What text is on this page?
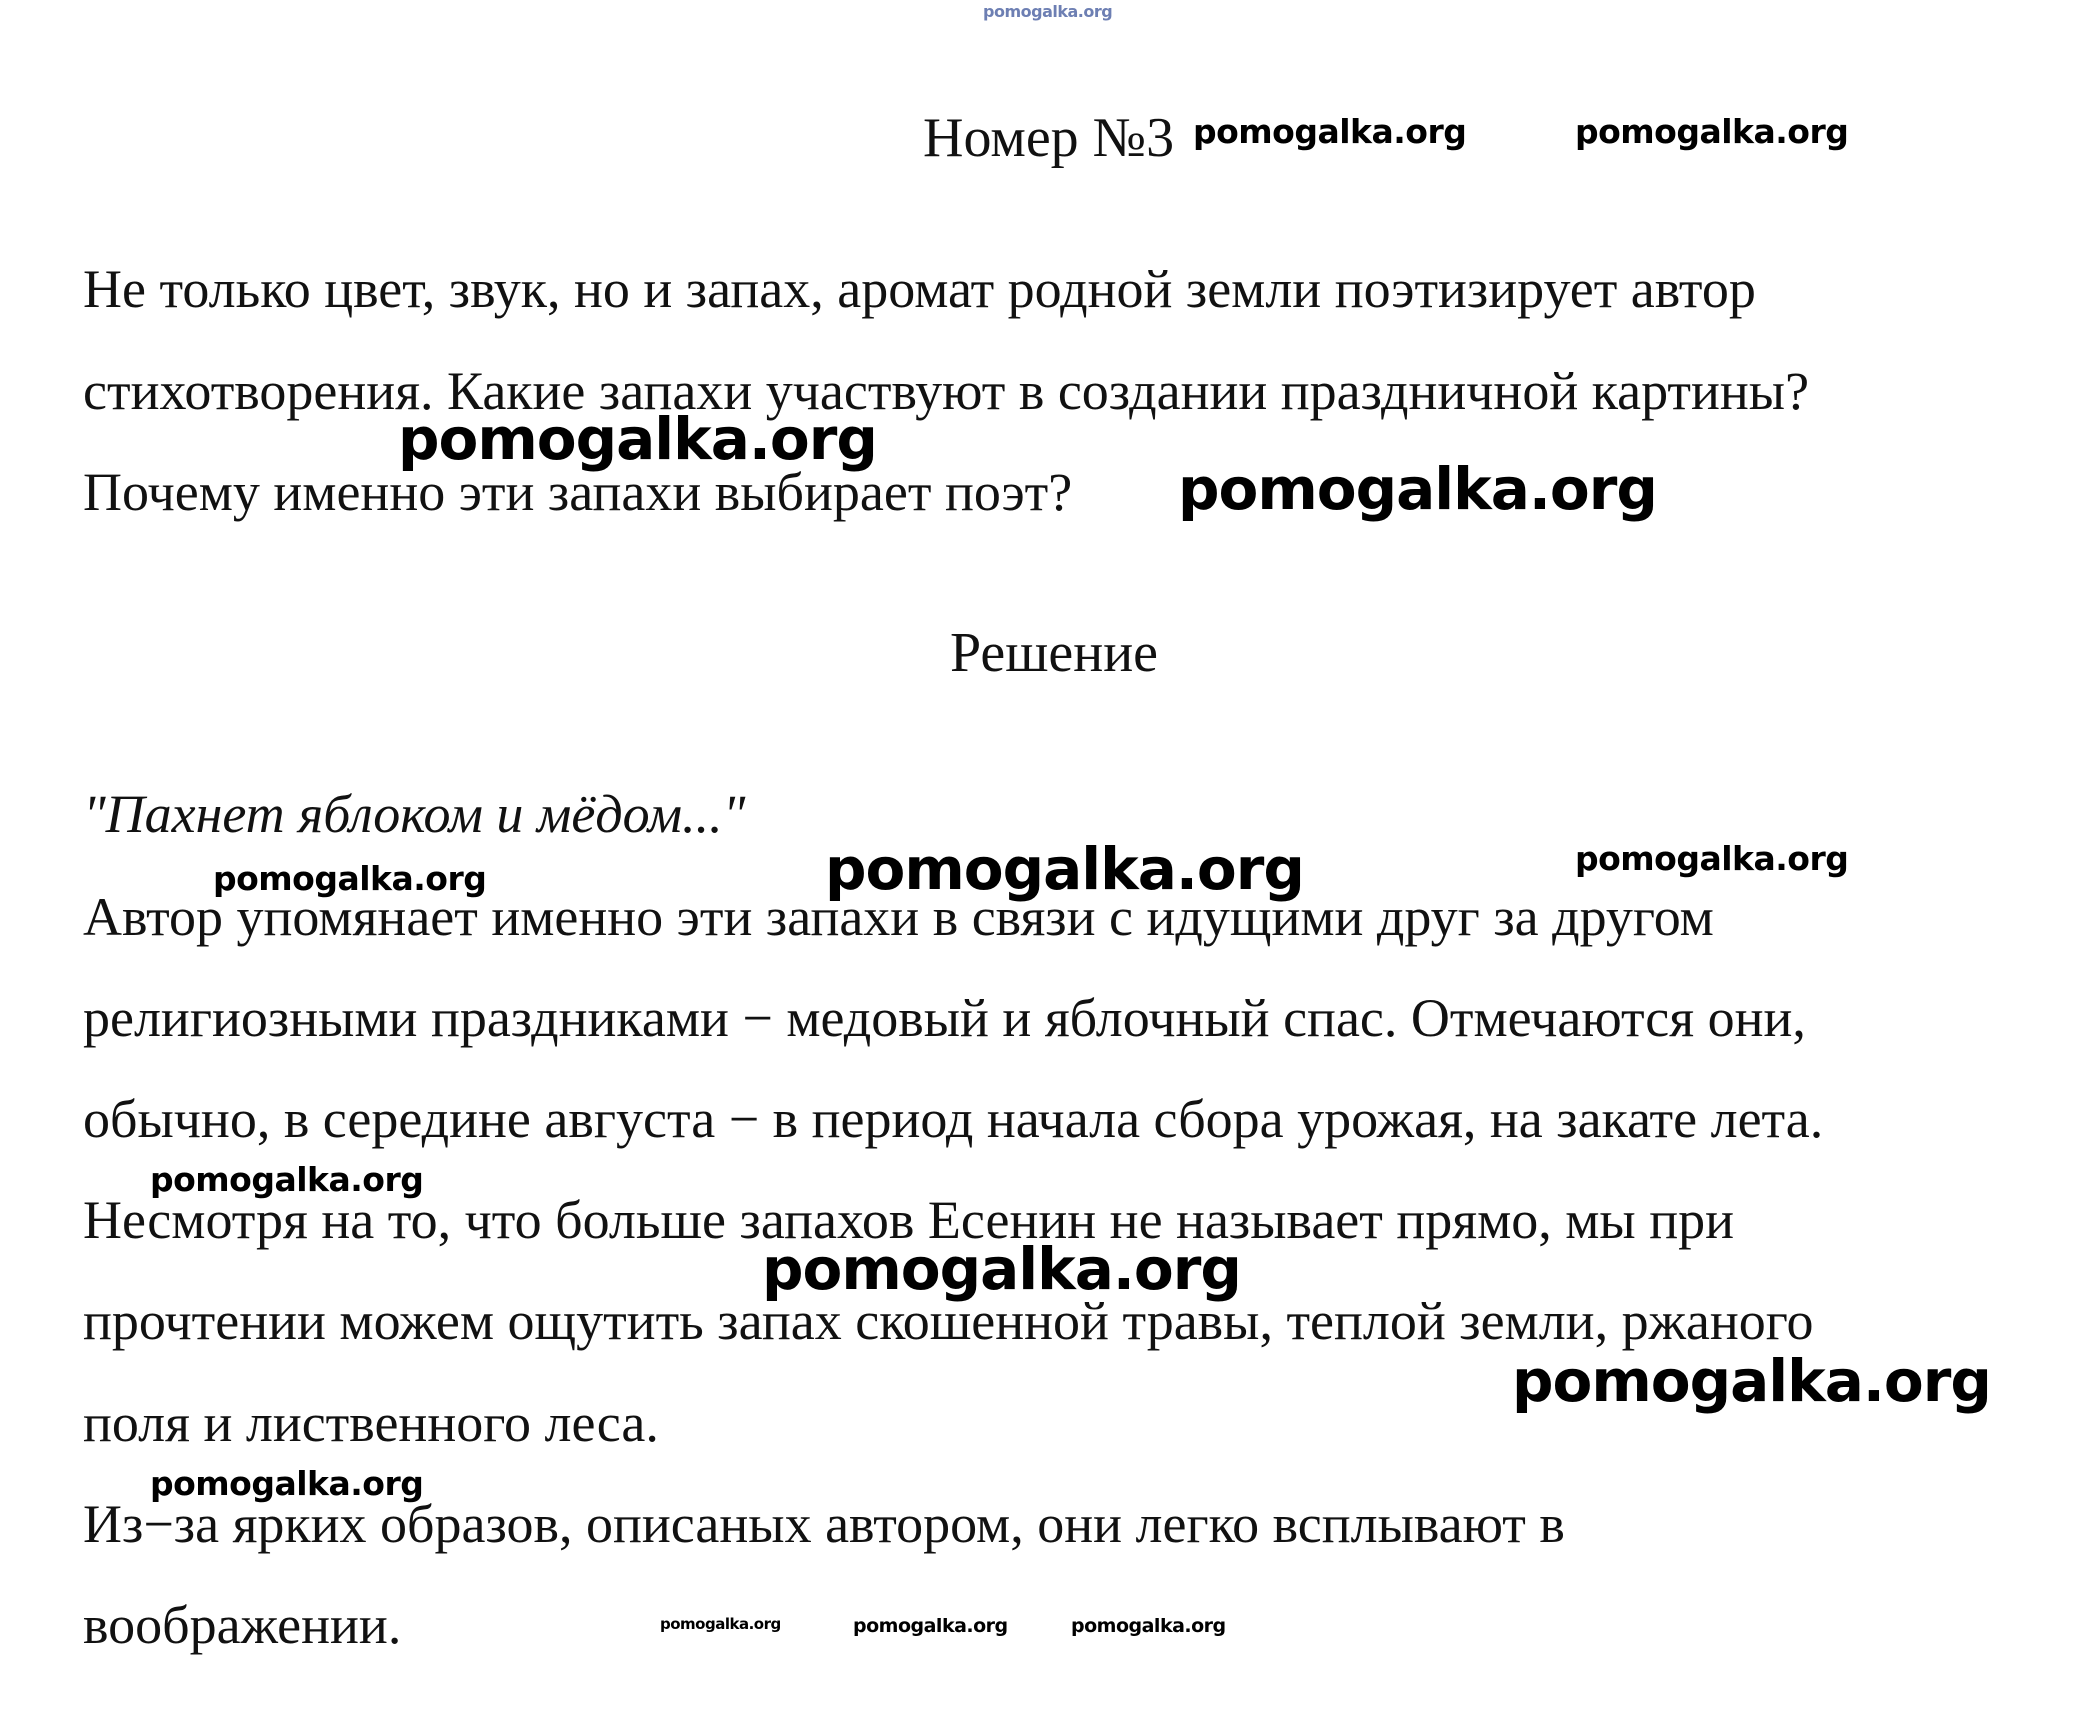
pomogalka.org
Номер №3 pomogalka.org	pomogalka.org
Не только цвет, звук, но и запах, аромат родной земли поэтизирует автор
стихотворения. Какие запахи участвуют в создании праздничной картины?
pomogalka.org
Почему именно эти запахи выбирает поэт? pomogalka.org
Решение
"Пахнет яблоком и мёдом..."
pomogalka.org	pomogalka.org	pomogalka.org
Автор упомянает именно эти запахи в связи с идущими друг за другом
религиозными праздниками − медовый и яблочный спас. Отмечаются они,
обычно, в середине августа − в период начала сбора урожая, на закате лета.
pomogalka.org
Несмотря на то, что больше запахов Есенин не называет прямо, мы при
pomogalka.org
прочтении можем ощутить запах скошенной травы, теплой земли, ржаного
pomogalka.org
поля и лиственного леса.
pomogalka.org
Из−за ярких образов, описаных автором, они легко всплывают в
воображении.	pomogalka.org	pomogalka.org	pomogalka.org
